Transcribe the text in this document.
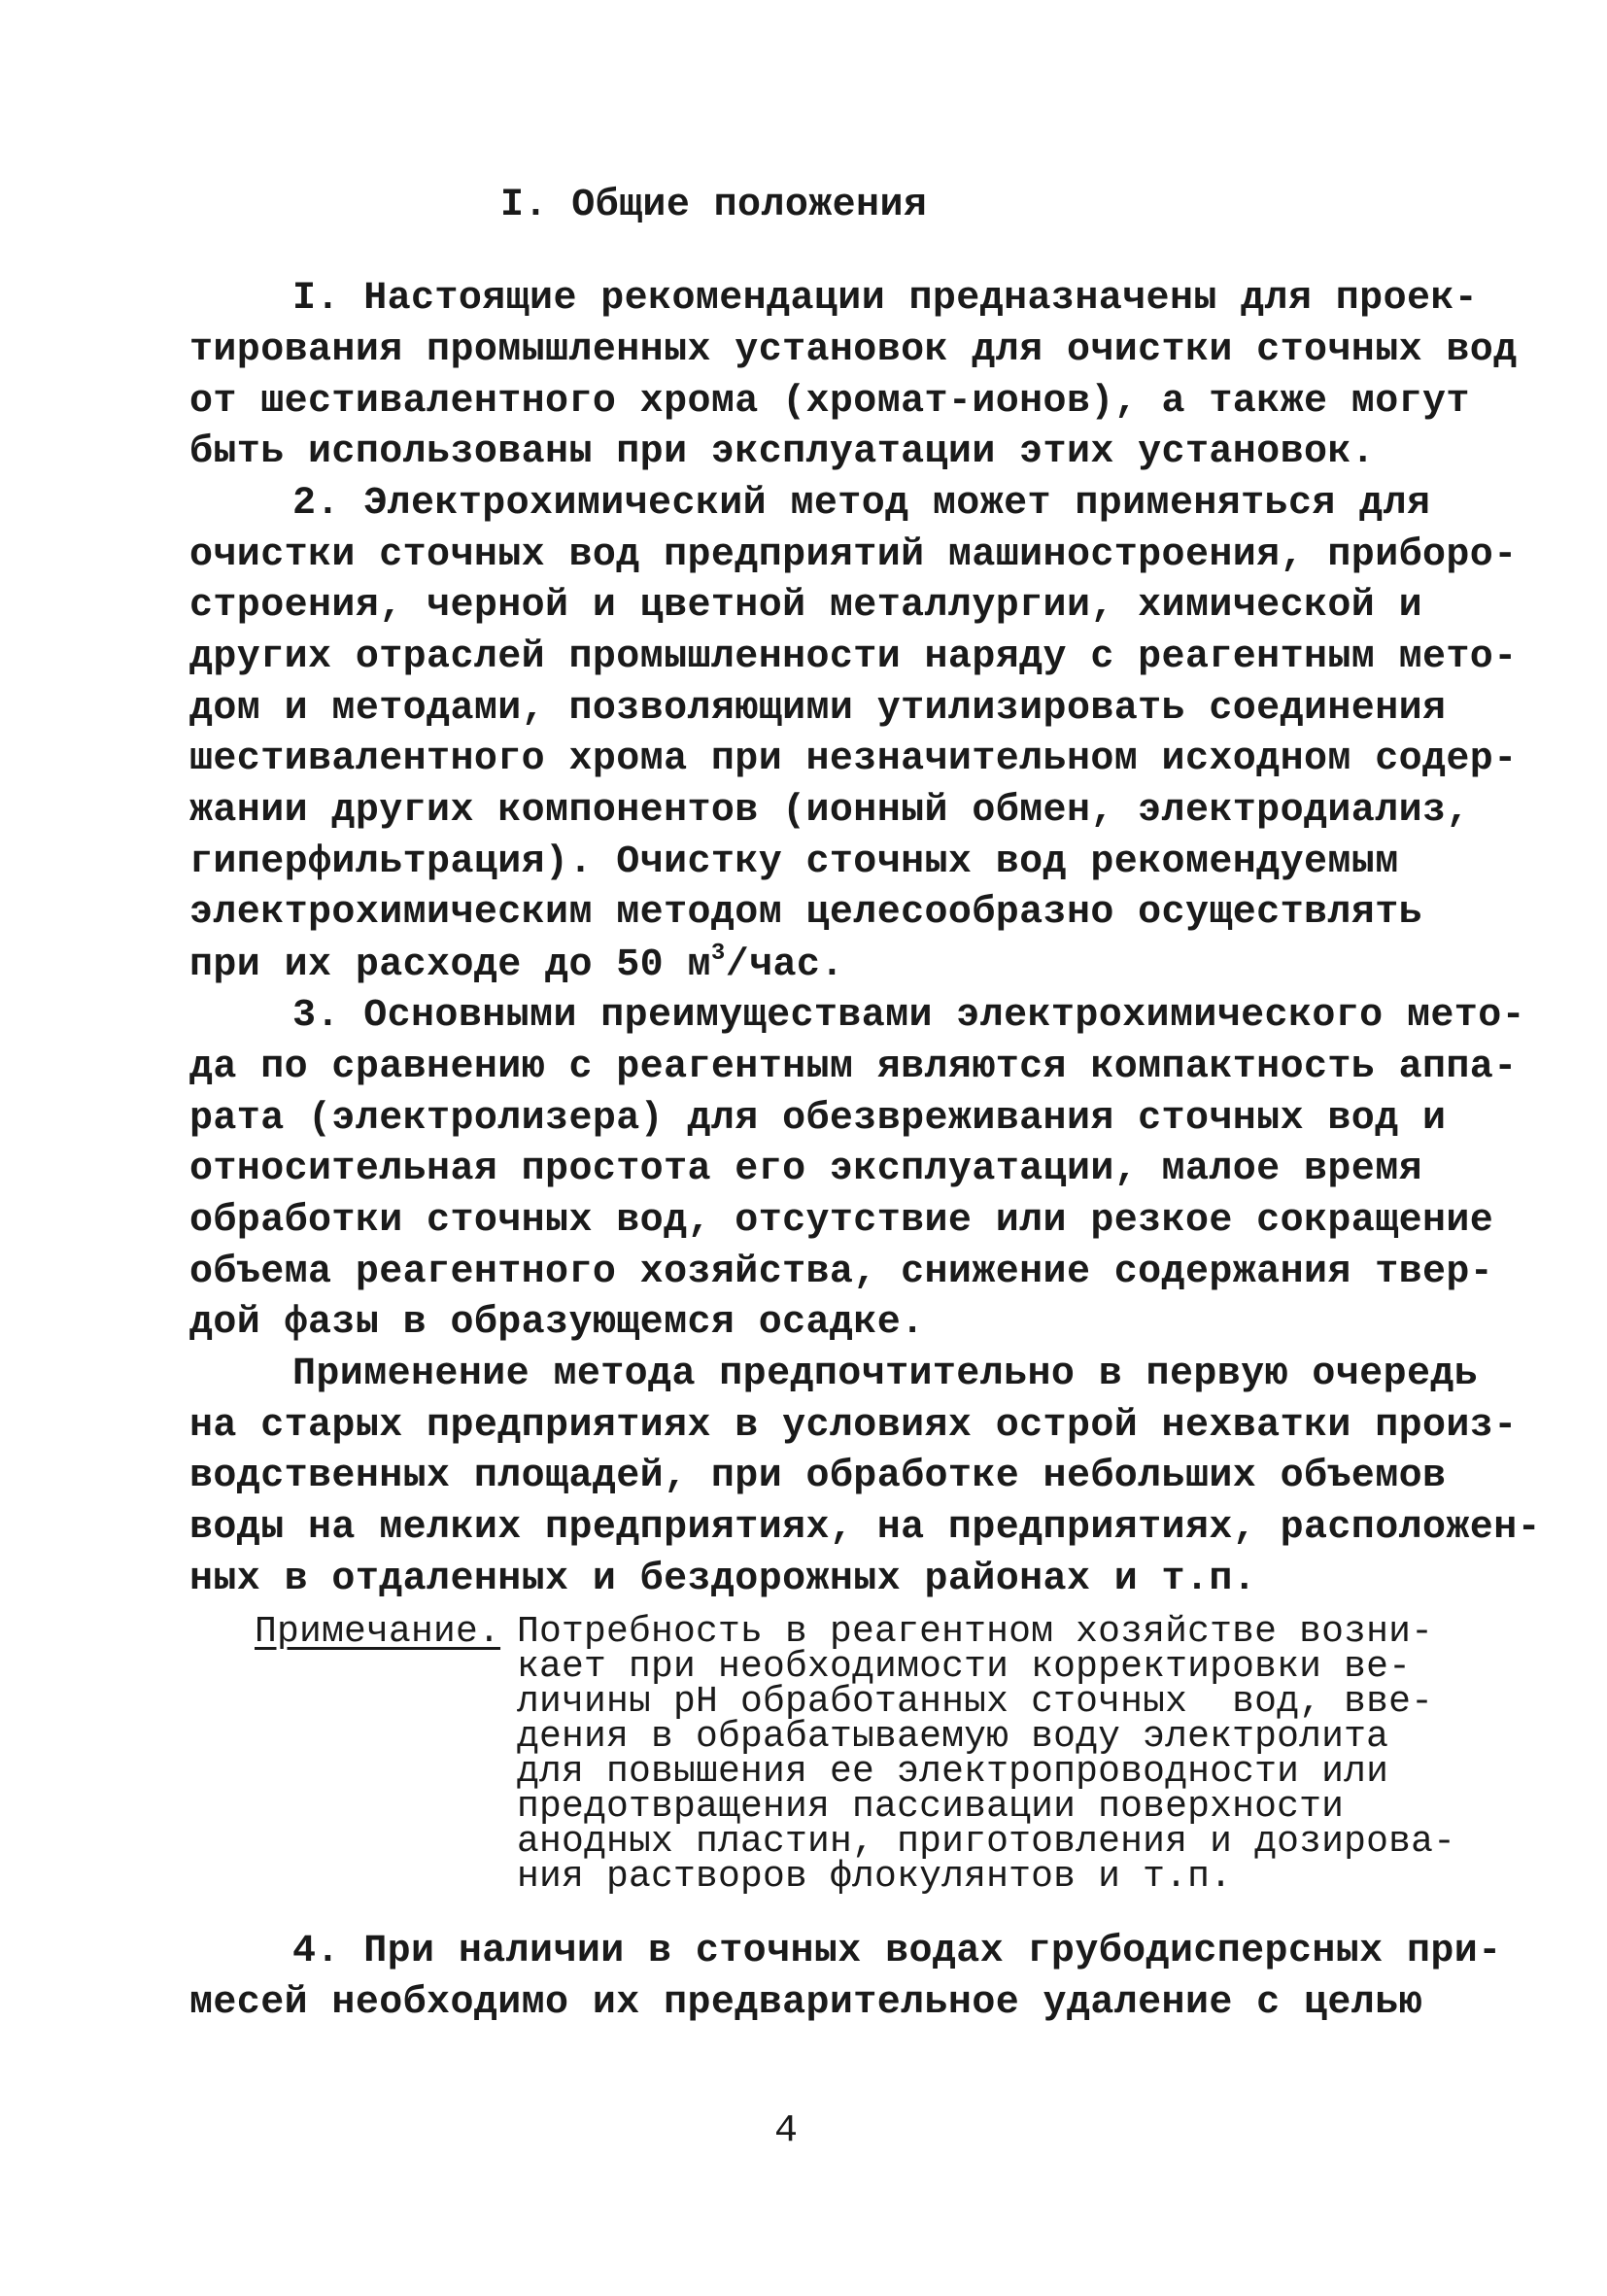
I. Общие положения
I. Настоящие рекомендации предназначены для проек-
тирования промышленных установок для очистки сточных вод
от шестивалентного хрома (хромат-ионов), а также могут
быть использованы при эксплуатации этих установок.
2. Электрохимический метод может применяться для
очистки сточных вод предприятий машиностроения, приборо-
строения, черной и цветной металлургии, химической и
других отраслей промышленности наряду с реагентным мето-
дом и методами, позволяющими утилизировать соединения
шестивалентного хрома при незначительном исходном содер-
жании других компонентов (ионный обмен, электродиализ,
гиперфильтрация). Очистку сточных вод рекомендуемым
электрохимическим методом целесообразно осуществлять
при их расходе до 50 $м^3$/час.
3. Основными преимуществами электрохимического мето-
да по сравнению с реагентным являются компактность аппа-
рата (электролизера) для обезвреживания сточных вод и
относительная простота его эксплуатации, малое время
обработки сточных вод, отсутствие или резкое сокращение
объема реагентного хозяйства, снижение содержания твер-
дой фазы в образующемся осадке.
Применение метода предпочтительно в первую очередь
на старых предприятиях в условиях острой нехватки произ-
водственных площадей, при обработке небольших объемов
воды на мелких предприятиях, на предприятиях, расположен-
ных в отдаленных и бездорожных районах и т.п.
Примечание. Потребность в реагентном хозяйстве возни-
кает при необходимости корректировки ве-
личины рН обработанных сточных  вод, вве-
дения в обрабатываемую воду электролита
для повышения ее электропроводности или
предотвращения пассивации поверхности
анодных пластин, приготовления и дозирова-
ния растворов флокулянтов и т.п.
4. При наличии в сточных водах грубодисперсных при-
месей необходимо их предварительное удаление с целью
4
